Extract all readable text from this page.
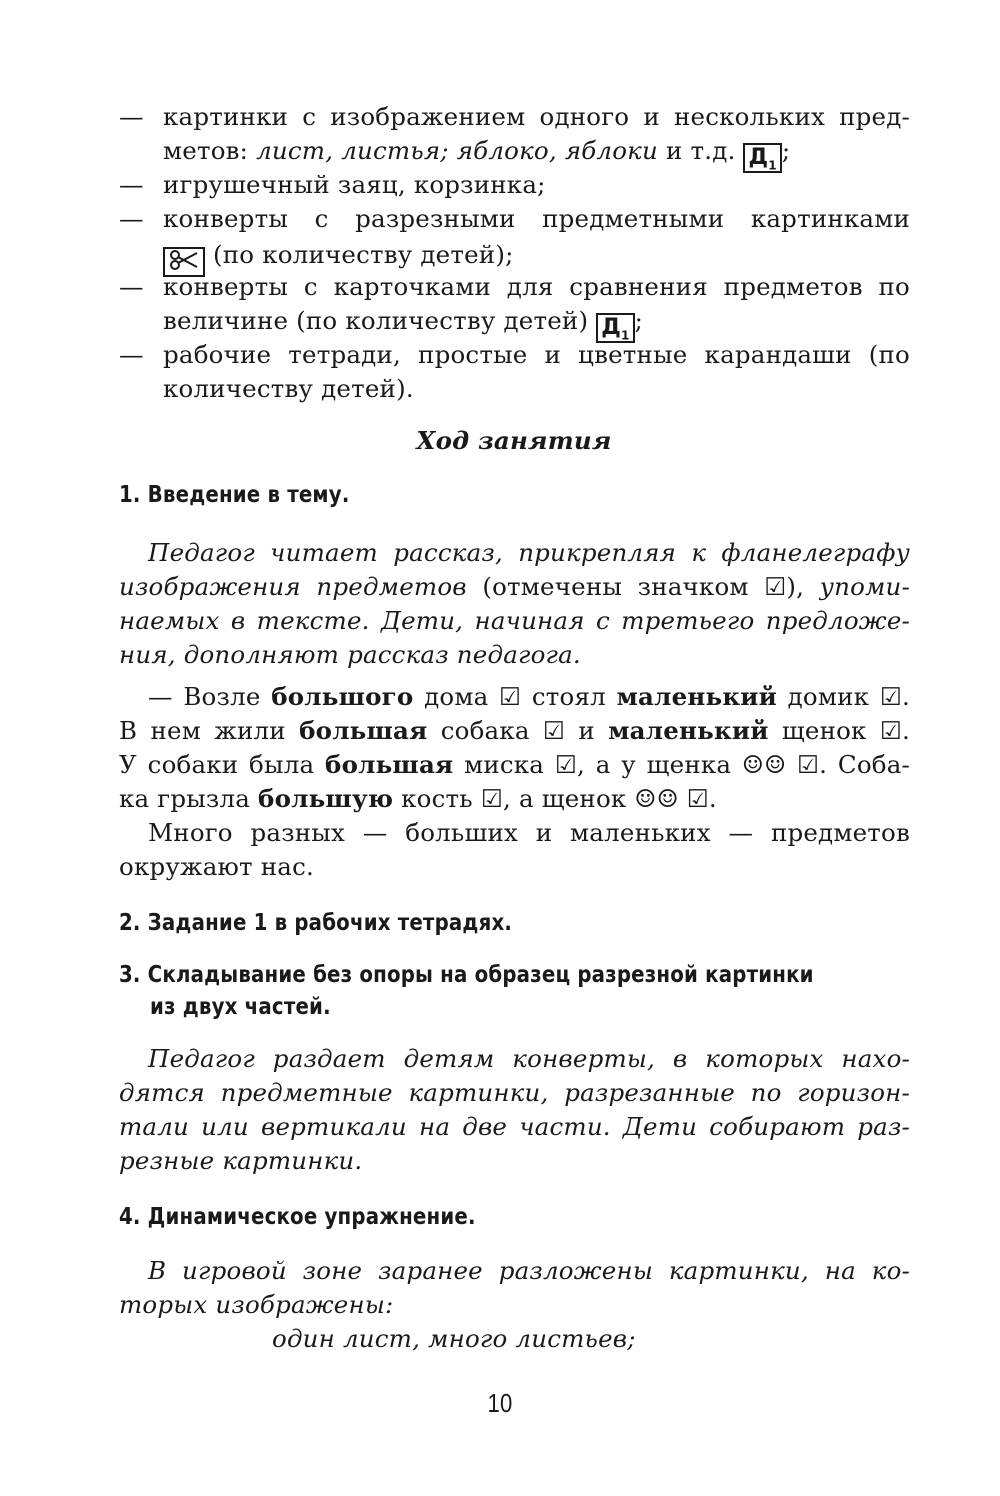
— картинки с изображением одного и нескольких пред-
метов: лист, листья; яблоко, яблоки и т.д. $Д_1$;
— игрушечный заяц, корзинка;
— конверты с разрезными предметными картинками
(по количеству детей);
— конверты с карточками для сравнения предметов по
величине (по количеству детей) $Д_1$;
— рабочие тетради, простые и цветные карандаши (по
количеству детей).
Ход занятия
1. Введение в тему.
Педагог читает рассказ, прикрепляя к фланелеграфу
изображения предметов (отмечены значком ☑), упоми-
наемых в тексте. Дети, начиная с третьего предложе-
ния, дополняют рассказ педагога.
— Возле большого дома ☑ стоял маленький домик ☑.
В нем жили большая собака ☑ и маленький щенок ☑.
У собаки была большая миска ☑, а у щенка ☺☺ ☑. Соба-
ка грызла большую кость ☑, а щенок ☺☺ ☑.
Много разных — больших и маленьких — предметов
окружают нас.
2. Задание 1 в рабочих тетрадях.
3. Складывание без опоры на образец разрезной картинки
из двух частей.
Педагог раздает детям конверты, в которых нахо-
дятся предметные картинки, разрезанные по горизон-
тали или вертикали на две части. Дети собирают раз-
резные картинки.
4. Динамическое упражнение.
В игровой зоне заранее разложены картинки, на ко-
торых изображены:
один лист, много листьев;
10
